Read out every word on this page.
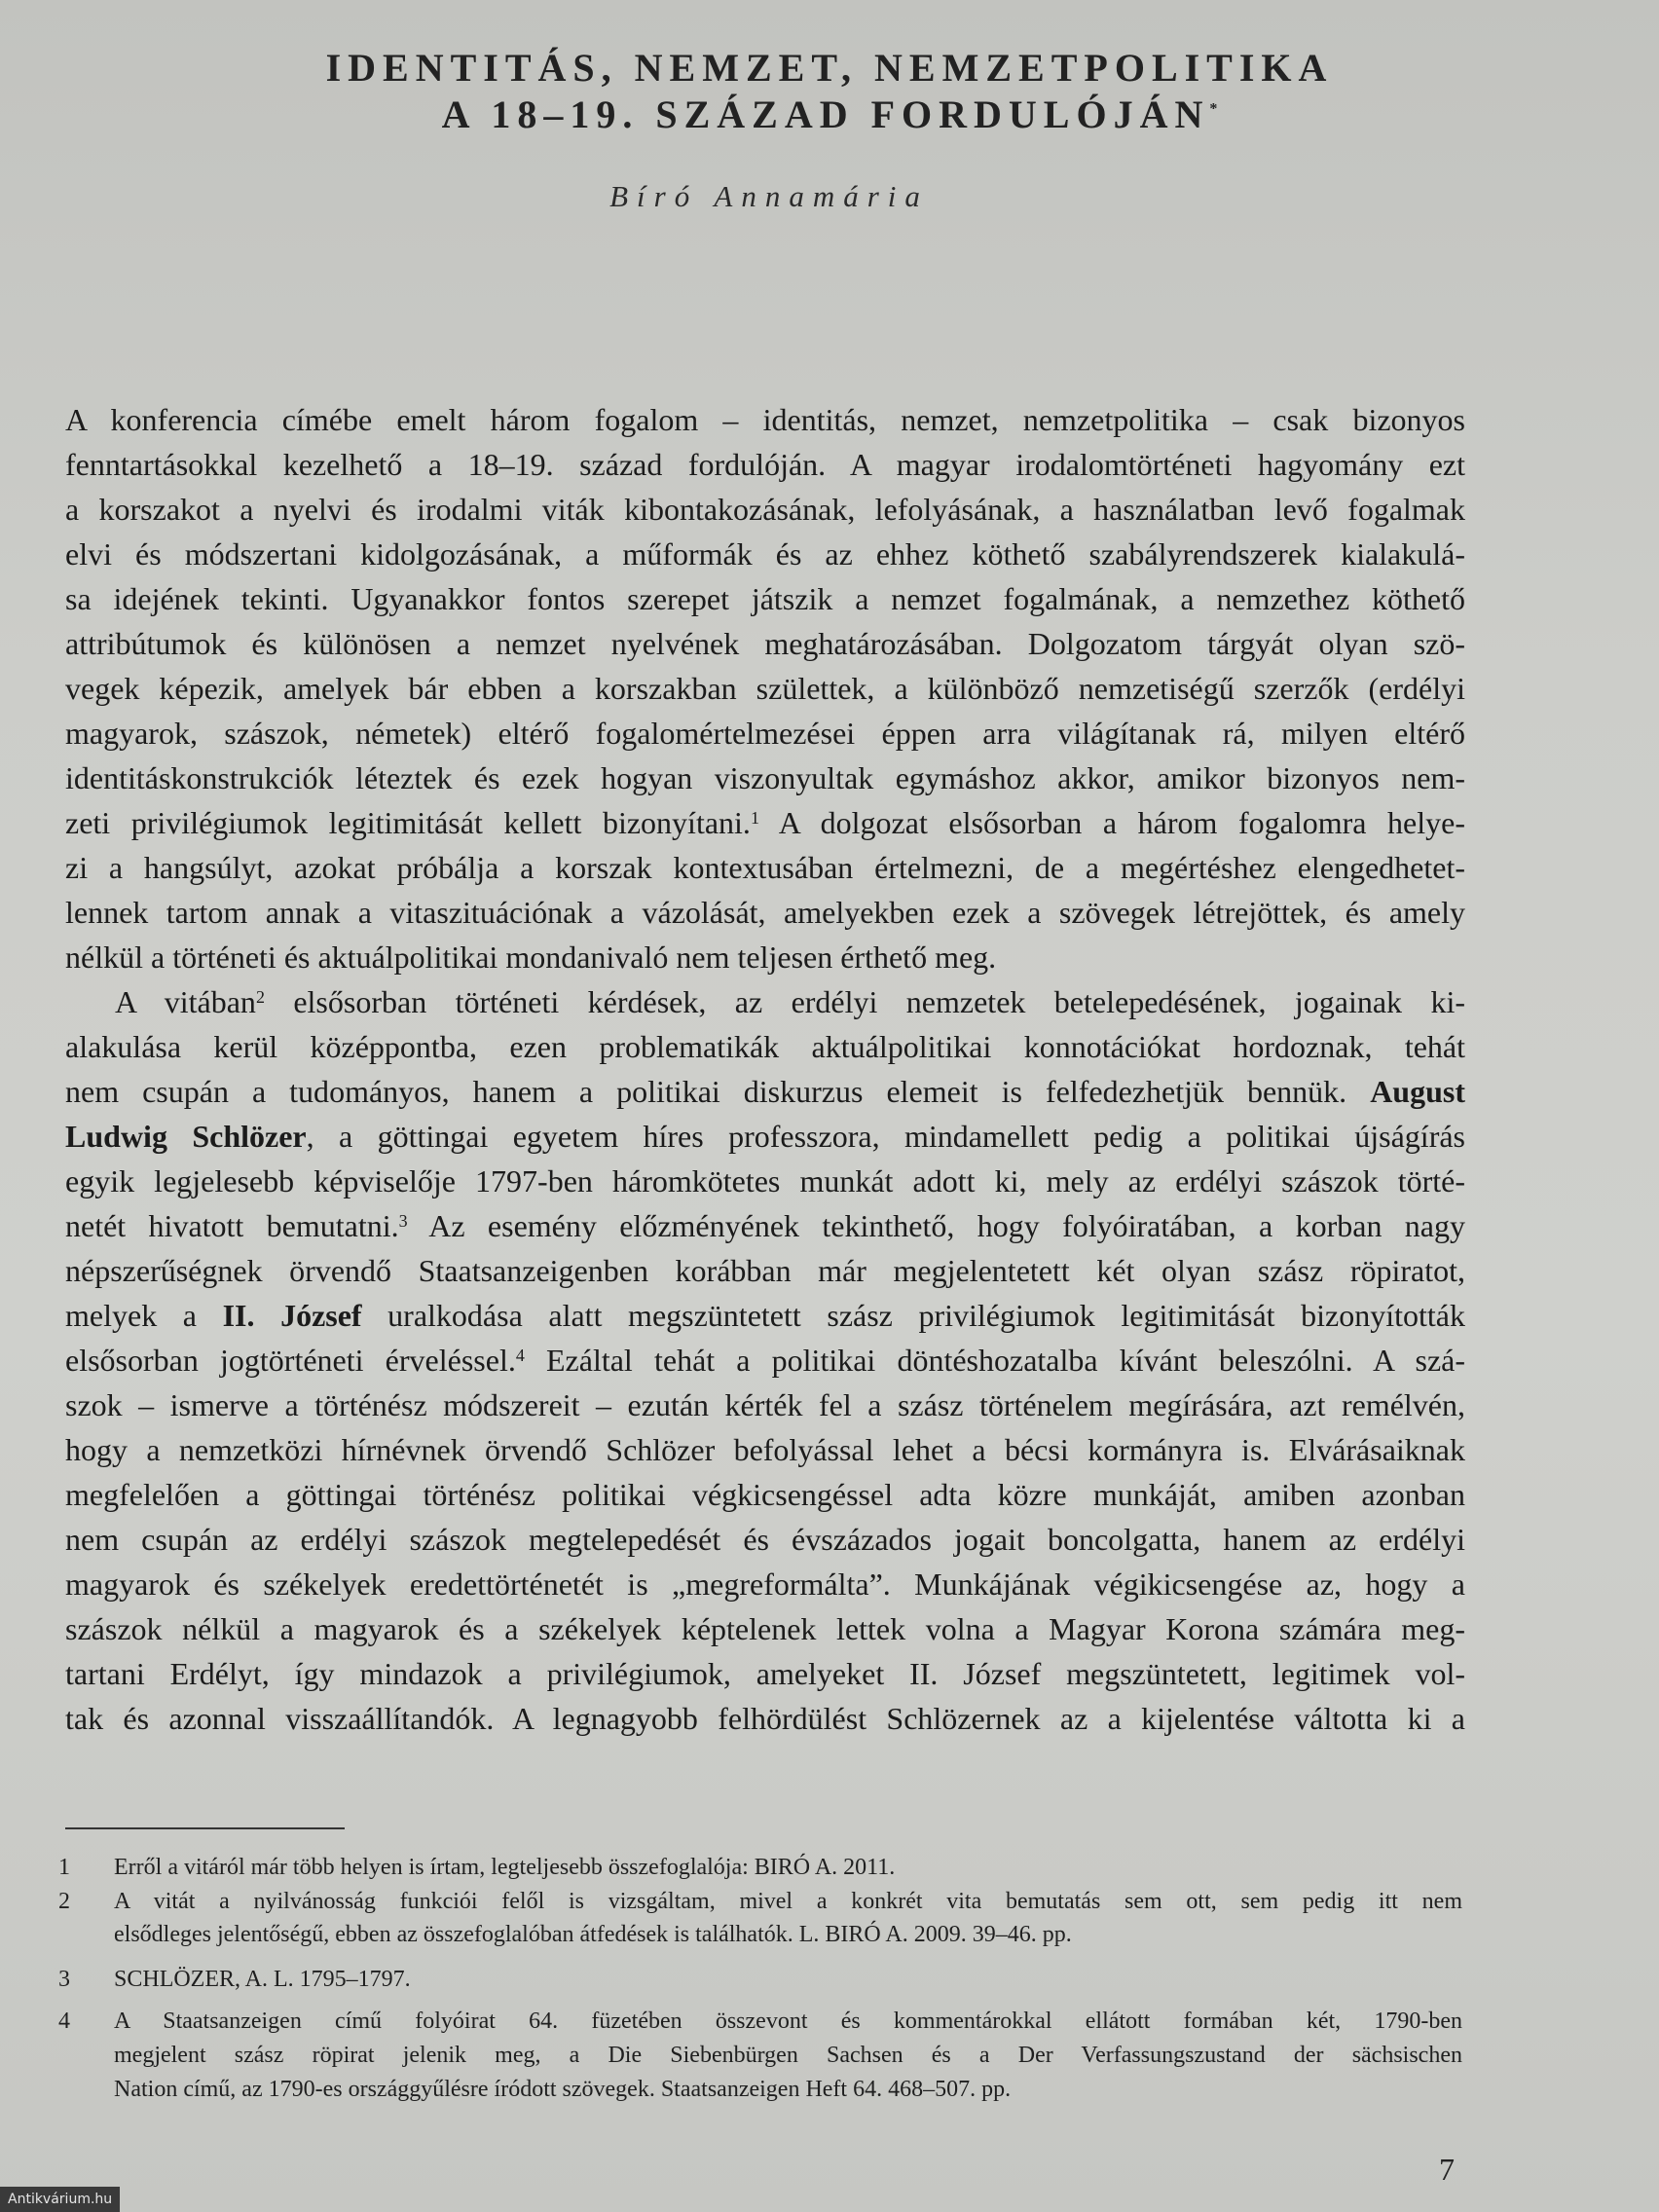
IDENTITÁS, NEMZET, NEMZETPOLITIKA
A 18–19. SZÁZAD FORDULÓJÁN*
Bíró Annamária
A konferencia címébe emelt három fogalom – identitás, nemzet, nemzetpolitika – csak bizonyos
fenntartásokkal kezelhető a 18–19. század fordulóján. A magyar irodalomtörténeti hagyomány ezt
a korszakot a nyelvi és irodalmi viták kibontakozásának, lefolyásának, a használatban levő fogalmak
elvi és módszertani kidolgozásának, a műformák és az ehhez köthető szabályrendszerek kialakulá-
sa idejének tekinti. Ugyanakkor fontos szerepet játszik a nemzet fogalmának, a nemzethez köthető
attribútumok és különösen a nemzet nyelvének meghatározásában. Dolgozatom tárgyát olyan szö-
vegek képezik, amelyek bár ebben a korszakban születtek, a különböző nemzetiségű szerzők (erdélyi
magyarok, szászok, németek) eltérő fogalomértelmezései éppen arra világítanak rá, milyen eltérő
identitáskonstrukciók léteztek és ezek hogyan viszonyultak egymáshoz akkor, amikor bizonyos nem-
zeti privilégiumok legitimitását kellett bizonyítani.$^1$ A dolgozat elsősorban a három fogalomra helye-
zi a hangsúlyt, azokat próbálja a korszak kontextusában értelmezni, de a megértéshez elengedhetet-
lennek tartom annak a vitaszituációnak a vázolását, amelyekben ezek a szövegek létrejöttek, és amely
nélkül a történeti és aktuálpolitikai mondanivaló nem teljesen érthető meg.
A vitában$^2$ elsősorban történeti kérdések, az erdélyi nemzetek betelepedésének, jogainak ki-
alakulása kerül középpontba, ezen problematikák aktuálpolitikai konnotációkat hordoznak, tehát
nem csupán a tudományos, hanem a politikai diskurzus elemeit is felfedezhetjük bennük. August
Ludwig Schlözer, a göttingai egyetem híres professzora, mindamellett pedig a politikai újságírás
egyik legjelesebb képviselője 1797-ben háromkötetes munkát adott ki, mely az erdélyi szászok törté-
netét hivatott bemutatni.$^3$ Az esemény előzményének tekinthető, hogy folyóiratában, a korban nagy
népszerűségnek örvendő Staatsanzeigenben korábban már megjelentetett két olyan szász röpiratot,
melyek a II. József uralkodása alatt megszüntetett szász privilégiumok legitimitását bizonyították
elsősorban jogtörténeti érveléssel.$^4$ Ezáltal tehát a politikai döntéshozatalba kívánt beleszólni. A szá-
szok – ismerve a történész módszereit – ezután kérték fel a szász történelem megírására, azt remélvén,
hogy a nemzetközi hírnévnek örvendő Schlözer befolyással lehet a bécsi kormányra is. Elvárásaiknak
megfelelően a göttingai történész politikai végkicsengéssel adta közre munkáját, amiben azonban
nem csupán az erdélyi szászok megtelepedését és évszázados jogait boncolgatta, hanem az erdélyi
magyarok és székelyek eredettörténetét is „megreformálta”. Munkájának végikicsengése az, hogy a
szászok nélkül a magyarok és a székelyek képtelenek lettek volna a Magyar Korona számára meg-
tartani Erdélyt, így mindazok a privilégiumok, amelyeket II. József megszüntetett, legitimek vol-
tak és azonnal visszaállítandók. A legnagyobb felhördülést Schlözernek az a kijelentése váltotta ki a
1 Erről a vitáról már több helyen is írtam, legteljesebb összefoglalója: BIRÓ A. 2011.
2 A vitát a nyilvánosság funkciói felől is vizsgáltam, mivel a konkrét vita bemutatás sem ott, sem pedig itt nem
elsődleges jelentőségű, ebben az összefoglalóban átfedések is találhatók. L. BIRÓ A. 2009. 39–46. pp.
3 SCHLÖZER, A. L. 1795–1797.
4 A Staatsanzeigen című folyóirat 64. füzetében összevont és kommentárokkal ellátott formában két, 1790-ben
megjelent szász röpirat jelenik meg, a Die Siebenbürgen Sachsen és a Der Verfassungszustand der sächsischen
Nation című, az 1790-es országgyűlésre íródott szövegek. Staatsanzeigen Heft 64. 468–507. pp.
7
Antikvárium.hu
